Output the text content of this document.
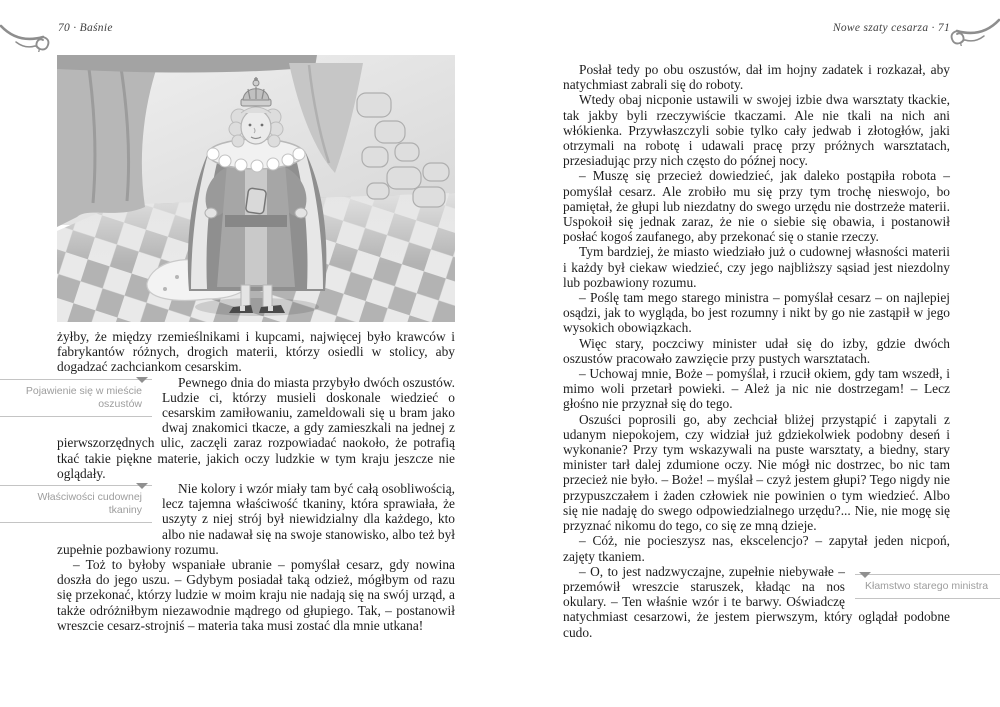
70 · Baśnie

żyłby, że między rzemieślnikami i kupcami, najwięcej było krawców i fabrykantów różnych, drogich materii, którzy osiedli w stolicy, aby dogadzać zachciankom cesarskim.

Pojawienie się w mieście oszustów
Pewnego dnia do miasta przybyło dwóch oszustów. Ludzie ci, którzy musieli doskonale wiedzieć o cesarskim zamiłowaniu, zameldowali się u bram jako dwaj znakomici tkacze, a gdy zamieszkali na jednej z pierwszorzędnych ulic, zaczęli zaraz rozpowiadać naokoło, że potrafią tkać takie piękne materie, jakich oczy ludzkie w tym kraju jeszcze nie oglądały.

Właściwości cudownej tkaniny
Nie kolory i wzór miały tam być całą osobliwością, lecz tajemna właściwość tkaniny, która sprawiała, że uszyty z niej strój był niewidzialny dla każdego, kto albo nie nadawał się na swoje stanowisko, albo też był zupełnie pozbawiony rozumu.

– Toż to byłoby wspaniałe ubranie – pomyślał cesarz, gdy nowina doszła do jego uszu. – Gdybym posiadał taką odzież, mógłbym od razu się przekonać, którzy ludzie w moim kraju nie nadają się na swój urząd, a także odróżniłbym niezawodnie mądrego od głupiego. Tak, – postanowił wreszcie cesarz-strojniś – materia taka musi zostać dla mnie utkana!

Nowe szaty cesarza · 71

Posłał tedy po obu oszustów, dał im hojny zadatek i rozkazał, aby natychmiast zabrali się do roboty.

Wtedy obaj nicponie ustawili w swojej izbie dwa warsztaty tkackie, tak jakby byli rzeczywiście tkaczami. Ale nie tkali na nich ani włókienka. Przywłaszczyli sobie tylko cały jedwab i złotogłów, jaki otrzymali na robotę i udawali pracę przy próżnych warsztatach, przesiadując przy nich często do późnej nocy.

– Muszę się przecież dowiedzieć, jak daleko postąpiła robota – pomyślał cesarz. Ale zrobiło mu się przy tym trochę nieswojo, bo pamiętał, że głupi lub niezdatny do swego urzędu nie dostrzeże materii. Uspokoił się jednak zaraz, że nie o siebie się obawia, i postanowił posłać kogoś zaufanego, aby przekonać się o stanie rzeczy.

Tym bardziej, że miasto wiedziało już o cudownej własności materii i każdy był ciekaw wiedzieć, czy jego najbliższy sąsiad jest niezdolny lub pozbawiony rozumu.

– Poślę tam mego starego ministra – pomyślał cesarz – on najlepiej osądzi, jak to wygląda, bo jest rozumny i nikt by go nie zastąpił w jego wysokich obowiązkach.

Więc stary, poczciwy minister udał się do izby, gdzie dwóch oszustów pracowało zawzięcie przy pustych warsztatach.

– Uchowaj mnie, Boże – pomyślał, i rzucił okiem, gdy tam wszedł, i mimo woli przetarł powieki. – Ależ ja nic nie dostrzegam! – Lecz głośno nie przyznał się do tego.

Oszuści poprosili go, aby zechciał bliżej przystąpić i zapytali z udanym niepokojem, czy widział już gdziekolwiek podobny deseń i wykonanie? Przy tym wskazywali na puste warsztaty, a biedny, stary minister tarł dalej zdumione oczy. Nie mógł nic dostrzec, bo nic tam przecież nie było. – Boże! – myślał – czyż jestem głupi? Tego nigdy nie przypuszczałem i żaden człowiek nie powinien o tym wiedzieć. Albo się nie nadaję do swego odpowiedzialnego urzędu?... Nie, nie mogę się przyznać nikomu do tego, co się ze mną dzieje.

– Cóż, nie pocieszysz nas, ekscelencjo? – zapytał jeden nicpoń, zajęty tkaniem.

Kłamstwo starego ministra
– O, to jest nadzwyczajne, zupełnie niebywałe – przemówił wreszcie staruszek, kładąc na nos okulary. – Ten właśnie wzór i te barwy. Oświadczę natychmiast cesarzowi, że jestem pierwszym, który oglądał podobne cudo.
